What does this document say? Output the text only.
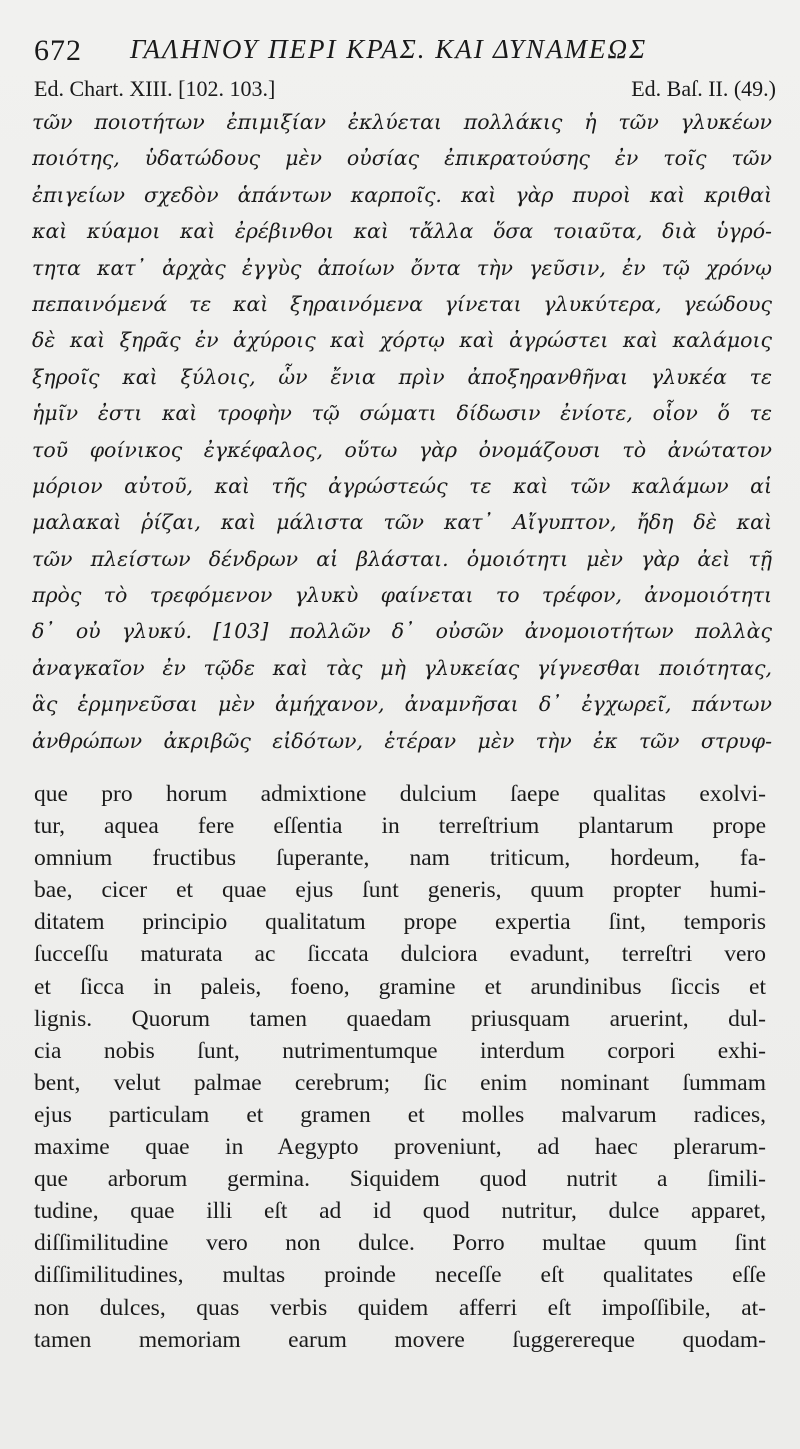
672 ΓΑΛΗΝΟΥ ΠΕΡΙ ΚΡΑΣ. ΚΑΙ ΔΥΝΑΜΕΩΣ
Ed. Chart. XIII. [102. 103.]	Ed. Baſ. II. (49.)
τῶν ποιοτήτων ἐπιμιξίαν ἐκλύεται πολλάκις ἡ τῶν γλυκέων
ποιότης, ὑδατώδους μὲν οὐσίας ἐπικρατούσης ἐν τοῖς τῶν
ἐπιγείων σχεδὸν ἁπάντων καρποῖς. καὶ γὰρ πυροὶ καὶ κριθαὶ
καὶ κύαμοι καὶ ἐρέβινθοι καὶ τἄλλα ὅσα τοιαῦτα, διὰ ὑγρό-
τητα κατ᾽ ἀρχὰς ἐγγὺς ἀποίων ὄντα τὴν γεῦσιν, ἐν τῷ χρόνῳ
πεπαινόμενά τε καὶ ξηραινόμενα γίνεται γλυκύτερα, γεώδους
δὲ καὶ ξηρᾶς ἐν ἀχύροις καὶ χόρτῳ καὶ ἀγρώστει καὶ καλάμοις
ξηροῖς καὶ ξύλοις, ὧν ἔνια πρὶν ἀποξηρανθῆναι γλυκέα τε
ἡμῖν ἐστι καὶ τροφὴν τῷ σώματι δίδωσιν ἐνίοτε, οἷον ὅ τε
τοῦ φοίνικος ἐγκέφαλος, οὕτω γὰρ ὀνομάζουσι τὸ ἀνώτατον
μόριον αὐτοῦ, καὶ τῆς ἀγρώστεώς τε καὶ τῶν καλάμων αἱ
μαλακαὶ ῥίζαι, καὶ μάλιστα τῶν κατ᾽ Αἴγυπτον, ἤδη δὲ καὶ
τῶν πλείστων δένδρων αἱ βλάσται. ὁμοιότητι μὲν γὰρ ἀεὶ τῇ
πρὸς τὸ τρεφόμενον γλυκὺ φαίνεται το τρέφον, ἀνομοιότητι
δ᾽ οὐ γλυκύ. [103] πολλῶν δ᾽ οὐσῶν ἀνομοιοτήτων πολλὰς
ἀναγκαῖον ἐν τῷδε καὶ τὰς μὴ γλυκείας γίγνεσθαι ποιότητας,
ἃς ἑρμηνεῦσαι μὲν ἀμήχανον, ἀναμνῆσαι δ᾽ ἐγχωρεῖ, πάντων
ἀνθρώπων ἀκριβῶς εἰδότων, ἑτέραν μὲν τὴν ἐκ τῶν στρυφ-
que pro horum admixtione dulcium ſaepe qualitas exolvi-
tur, aquea fere eſſentia in terreſtrium plantarum prope
omnium fructibus ſuperante, nam triticum, hordeum, fa-
bae, cicer et quae ejus ſunt generis, quum propter humi-
ditatem principio qualitatum prope expertia ſint, temporis
ſucceſſu maturata ac ſiccata dulciora evadunt, terreſtri vero
et ſicca in paleis, foeno, gramine et arundinibus ſiccis et
lignis. Quorum tamen quaedam priusquam aruerint, dul-
cia nobis ſunt, nutrimentumque interdum corpori exhi-
bent, velut palmae cerebrum; ſic enim nominant ſummam
ejus particulam et gramen et molles malvarum radices,
maxime quae in Aegypto proveniunt, ad haec plerarum-
que arborum germina. Siquidem quod nutrit a ſimili-
tudine, quae illi eſt ad id quod nutritur, dulce apparet,
diſſimilitudine vero non dulce. Porro multae quum ſint
diſſimilitudines, multas proinde neceſſe eſt qualitates eſſe
non dulces, quas verbis quidem afferri eſt impoſſibile, at-
tamen memoriam earum movere ſuggerereque quodam-
